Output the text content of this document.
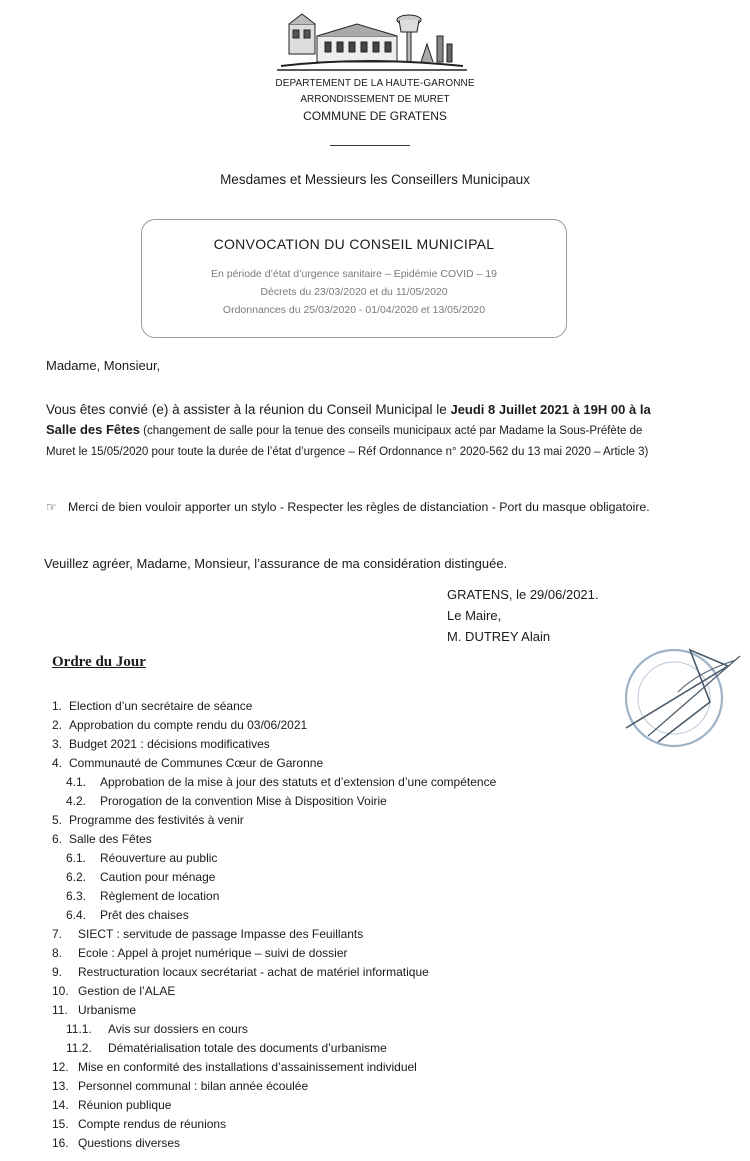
DEPARTEMENT DE LA HAUTE-GARONNE
ARRONDISSEMENT DE MURET
COMMUNE DE GRATENS
Mesdames et Messieurs les Conseillers Municipaux
CONVOCATION DU CONSEIL MUNICIPAL
En période d’état d’urgence sanitaire – Epidémie COVID – 19
Décrets du 23/03/2020 et du 11/05/2020
Ordonnances du 25/03/2020 - 01/04/2020 et 13/05/2020
Madame, Monsieur,
Vous êtes convié (e) à assister à la réunion du Conseil Municipal le Jeudi 8 Juillet 2021 à 19H 00 à la Salle des Fêtes (changement de salle pour la tenue des conseils municipaux acté par Madame la Sous-Préfète de Muret le 15/05/2020 pour toute la durée de l’état d’urgence – Réf Ordonnance n° 2020-562 du 13 mai 2020 – Article 3)
☞ Merci de bien vouloir apporter un stylo - Respecter les règles de distanciation - Port du masque obligatoire.
Veuillez agréer, Madame, Monsieur, l’assurance de ma considération distinguée.
GRATENS, le 29/06/2021.
Le Maire,
M. DUTREY Alain
Ordre du Jour
1. Election d’un secrétaire de séance
2. Approbation du compte rendu du 03/06/2021
3. Budget 2021 : décisions modificatives
4. Communauté de Communes Cœur de Garonne
4.1. Approbation de la mise à jour des statuts et d’extension d’une compétence
4.2. Prorogation de la convention Mise à Disposition Voirie
5. Programme des festivités à venir
6. Salle des Fêtes
6.1. Réouverture au public
6.2. Caution pour ménage
6.3. Règlement de location
6.4. Prêt des chaises
7. SIECT : servitude de passage Impasse des Feuillants
8. Ecole : Appel à projet numérique – suivi de dossier
9. Restructuration locaux secrétariat - achat de matériel informatique
10. Gestion de l’ALAE
11. Urbanisme
11.1. Avis sur dossiers en cours
11.2. Dématérialisation totale des documents d’urbanisme
12. Mise en conformité des installations d’assainissement individuel
13. Personnel communal : bilan année écoulée
14. Réunion publique
15. Compte rendus de réunions
16. Questions diverses
